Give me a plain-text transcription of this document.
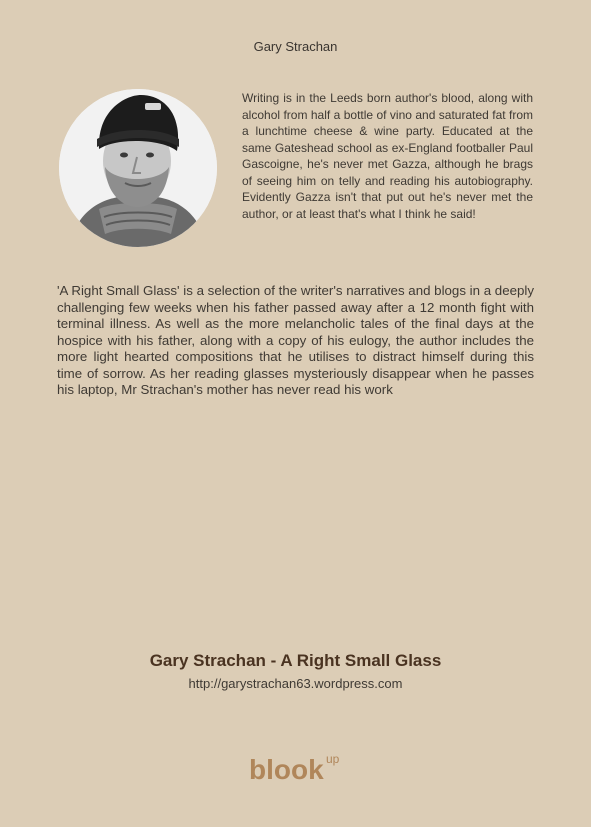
Gary Strachan

Writing is in the Leeds born author's blood, along with alcohol from half a bottle of vino and saturated fat from a lunchtime cheese & wine party. Educated at the same Gateshead school as ex-England footballer Paul Gascoigne, he's never met Gazza, although he brags of seeing him on telly and reading his autobiography. Evidently Gazza isn't that put out he's never met the author, or at least that's what I think he said!

'A Right Small Glass' is a selection of the writer's narratives and blogs in a deeply challenging few weeks when his father passed away after a 12 month fight with terminal illness. As well as the more melancholic tales of the final days at the hospice with his father, along with a copy of his eulogy, the author includes the more light hearted compositions that he utilises to distract himself during this time of sorrow. As her reading glasses mysteriously disappear when he passes his laptop, Mr Strachan's mother has never read his work

Gary Strachan - A Right Small Glass
http://garystrachan63.wordpress.com
blook up
